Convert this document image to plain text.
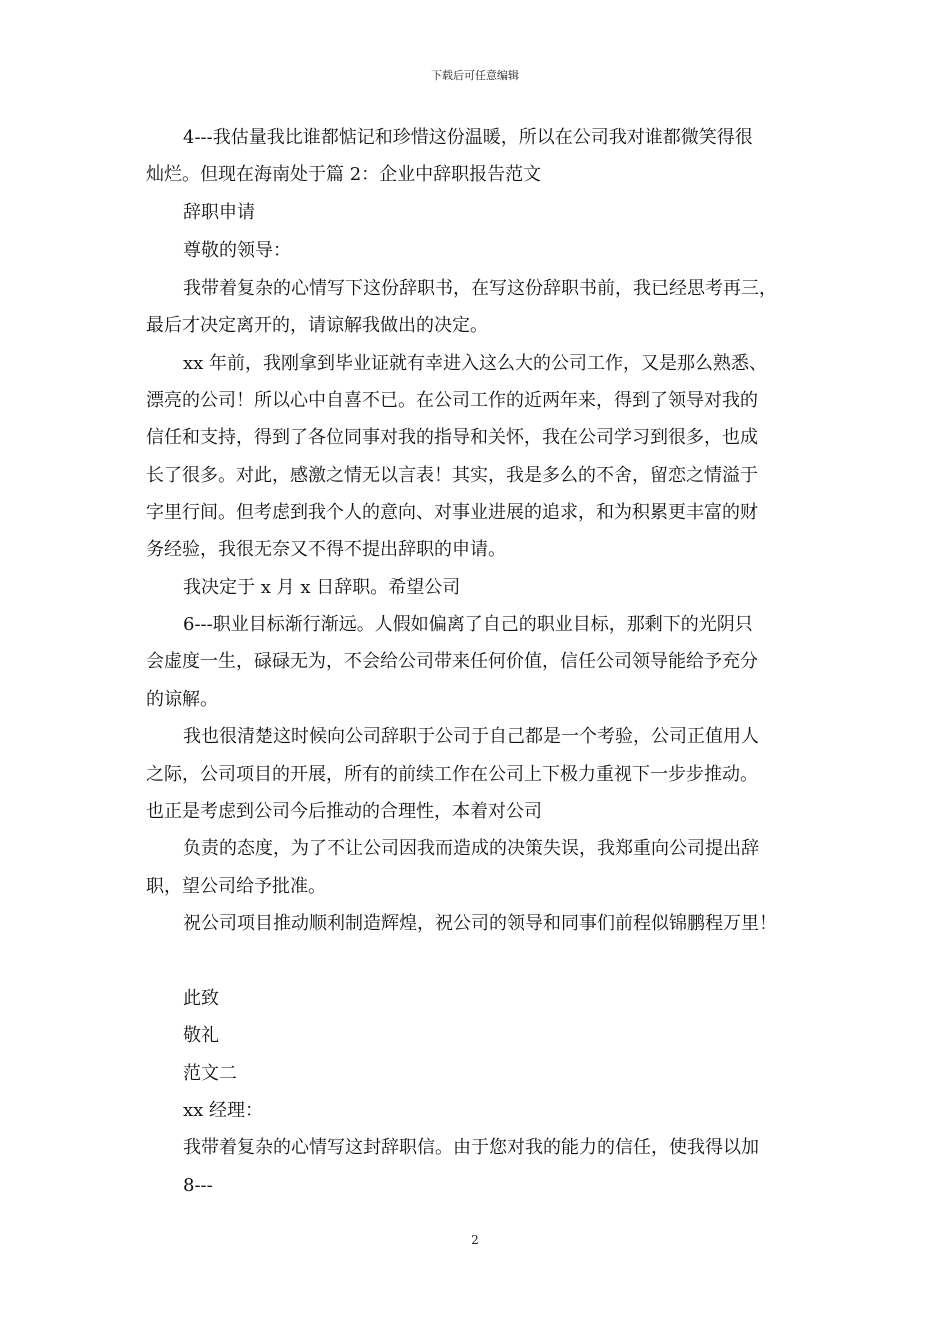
下载后可任意编辑
4---我估量我比谁都惦记和珍惜这份温暖，所以在公司我对谁都微笑得很
灿烂。但现在海南处于篇 2：企业中辞职报告范文
辞职申请
尊敬的领导：
我带着复杂的心情写下这份辞职书，在写这份辞职书前，我已经思考再三，
最后才决定离开的，请谅解我做出的决定。
xx 年前，我刚拿到毕业证就有幸进入这么大的公司工作，又是那么熟悉、
漂亮的公司！所以心中自喜不已。在公司工作的近两年来，得到了领导对我的
信任和支持，得到了各位同事对我的指导和关怀，我在公司学习到很多，也成
长了很多。对此，感激之情无以言表！其实，我是多么的不舍，留恋之情溢于
字里行间。但考虑到我个人的意向、对事业进展的追求，和为积累更丰富的财
务经验，我很无奈又不得不提出辞职的申请。
我决定于 x 月 x 日辞职。希望公司
6---职业目标渐行渐远。人假如偏离了自己的职业目标，那剩下的光阴只
会虚度一生，碌碌无为，不会给公司带来任何价值，信任公司领导能给予充分
的谅解。
我也很清楚这时候向公司辞职于公司于自己都是一个考验，公司正值用人
之际，公司项目的开展，所有的前续工作在公司上下极力重视下一步步推动。
也正是考虑到公司今后推动的合理性，本着对公司
负责的态度，为了不让公司因我而造成的决策失误，我郑重向公司提出辞
职，望公司给予批准。
祝公司项目推动顺利制造辉煌，祝公司的领导和同事们前程似锦鹏程万里！
此致
敬礼
范文二
xx 经理：
我带着复杂的心情写这封辞职信。由于您对我的能力的信任，使我得以加
8---
2
